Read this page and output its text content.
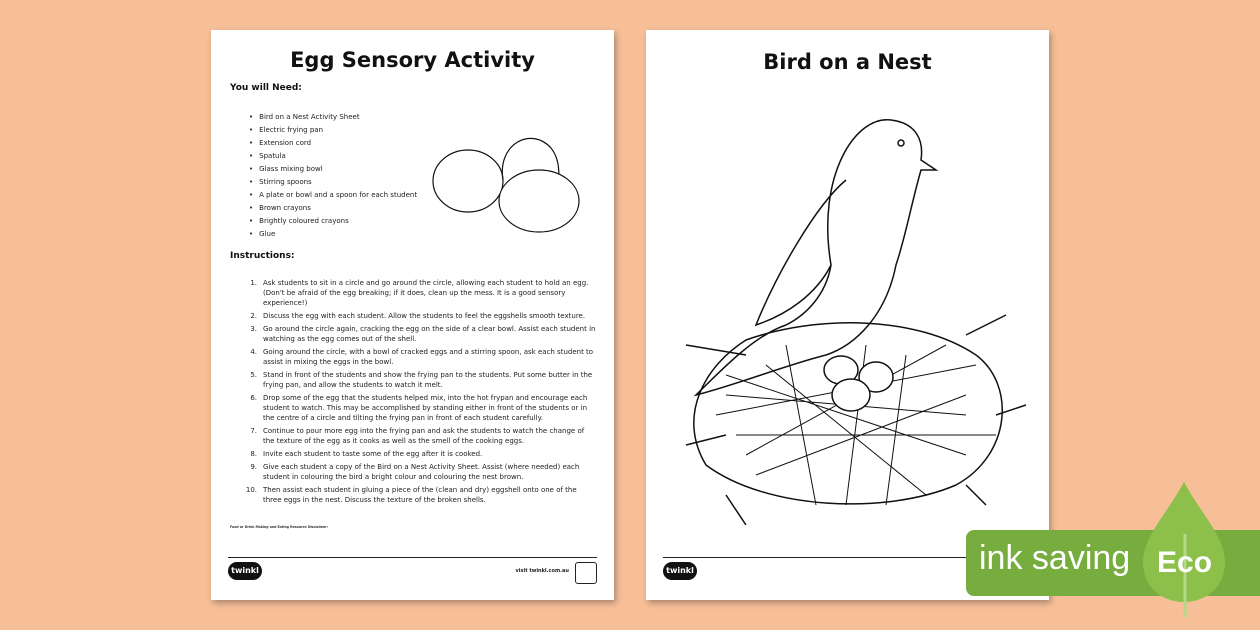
Egg Sensory Activity
You will Need:
• Bird on a Nest Activity Sheet
• Electric frying pan
• Extension cord
• Spatula
• Glass mixing bowl
• Stirring spoons
• A plate or bowl and a spoon for each student
• Brown crayons
• Brightly coloured crayons
• Glue
Instructions:
1. Ask students to sit in a circle and go around the circle, allowing each student to hold an egg. (Don't be afraid of the egg breaking; if it does, clean up the mess. It is a good sensory experience!)
2. Discuss the egg with each student. Allow the students to feel the eggshells smooth texture.
3. Go around the circle again, cracking the egg on the side of a clear bowl. Assist each student in watching as the egg comes out of the shell.
4. Going around the circle, with a bowl of cracked eggs and a stirring spoon, ask each student to assist in mixing the eggs in the bowl.
5. Stand in front of the students and show the frying pan to the students. Put some butter in the frying pan, and allow the students to watch it melt.
6. Drop some of the egg that the students helped mix, into the hot frypan and encourage each student to watch. This may be accomplished by standing either in front of the students or in the centre of a circle and tilting the frying pan in front of each student carefully.
7. Continue to pour more egg into the frying pan and ask the students to watch the change of the texture of the egg as it cooks as well as the smell of the cooking eggs.
8. Invite each student to taste some of the egg after it is cooked.
9. Give each student a copy of the Bird on a Nest Activity Sheet. Assist (where needed) each student in colouring the bird a bright colour and colouring the nest brown.
10. Then assist each student in gluing a piece of the (clean and dry) eggshell onto one of the three eggs in the nest. Discuss the texture of the broken shells.
Food or Drink Making and Eating Resource Disclaimer:
twinkl	visit twinkl.com.au
Bird on a Nest
twinkl	ink saving Eco
